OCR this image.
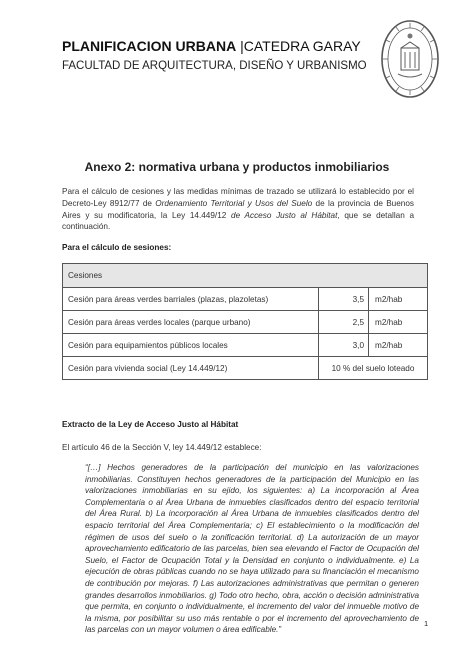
PLANIFICACION URBANA |CATEDRA GARAY
FACULTAD DE ARQUITECTURA, DISEÑO Y URBANISMO
Anexo 2: normativa urbana y productos inmobiliarios
Para el cálculo de cesiones y las medidas mínimas de trazado se utilizará lo establecido por el Decreto-Ley 8912/77 de Ordenamiento Territorial y Usos del Suelo de la provincia de Buenos Aires y su modificatoria, la Ley 14.449/12 de Acceso Justo al Hábitat, que se detallan a continuación.
Para el cálculo de sesiones:
Cesiones		
Cesión para áreas verdes barriales (plazas, plazoletas)	3,5	m2/hab
Cesión para áreas verdes locales (parque urbano)	2,5	m2/hab
Cesión para equipamientos públicos locales	3,0	m2/hab
Cesión para vivienda social (Ley 14.449/12)	10 % del suelo loteado	
Extracto de la Ley de Acceso Justo al Hábitat
El artículo 46 de la Sección V, ley 14.449/12 establece:
“[…] Hechos generadores de la participación del municipio en las valorizaciones inmobiliarias. Constituyen hechos generadores de la participación del Municipio en las valorizaciones inmobiliarias en su ejido, los siguientes: a) La incorporación al Área Complementaria o al Área Urbana de inmuebles clasificados dentro del espacio territorial del Área Rural. b) La incorporación al Área Urbana de inmuebles clasificados dentro del espacio territorial del Área Complementaria; c) El establecimiento o la modificación del régimen de usos del suelo o la zonificación territorial. d) La autorización de un mayor aprovechamiento edificatorio de las parcelas, bien sea elevando el Factor de Ocupación del Suelo, el Factor de Ocupación Total y la Densidad en conjunto o individualmente. e) La ejecución de obras públicas cuando no se haya utilizado para su financiación el mecanismo de contribución por mejoras. f) Las autorizaciones administrativas que permitan o generen grandes desarrollos inmobiliarios. g) Todo otro hecho, obra, acción o decisión administrativa que permita, en conjunto o individualmente, el incremento del valor del inmueble motivo de la misma, por posibilitar su uso más rentable o por el incremento del aprovechamiento de las parcelas con un mayor volumen o área edificable.”
1
